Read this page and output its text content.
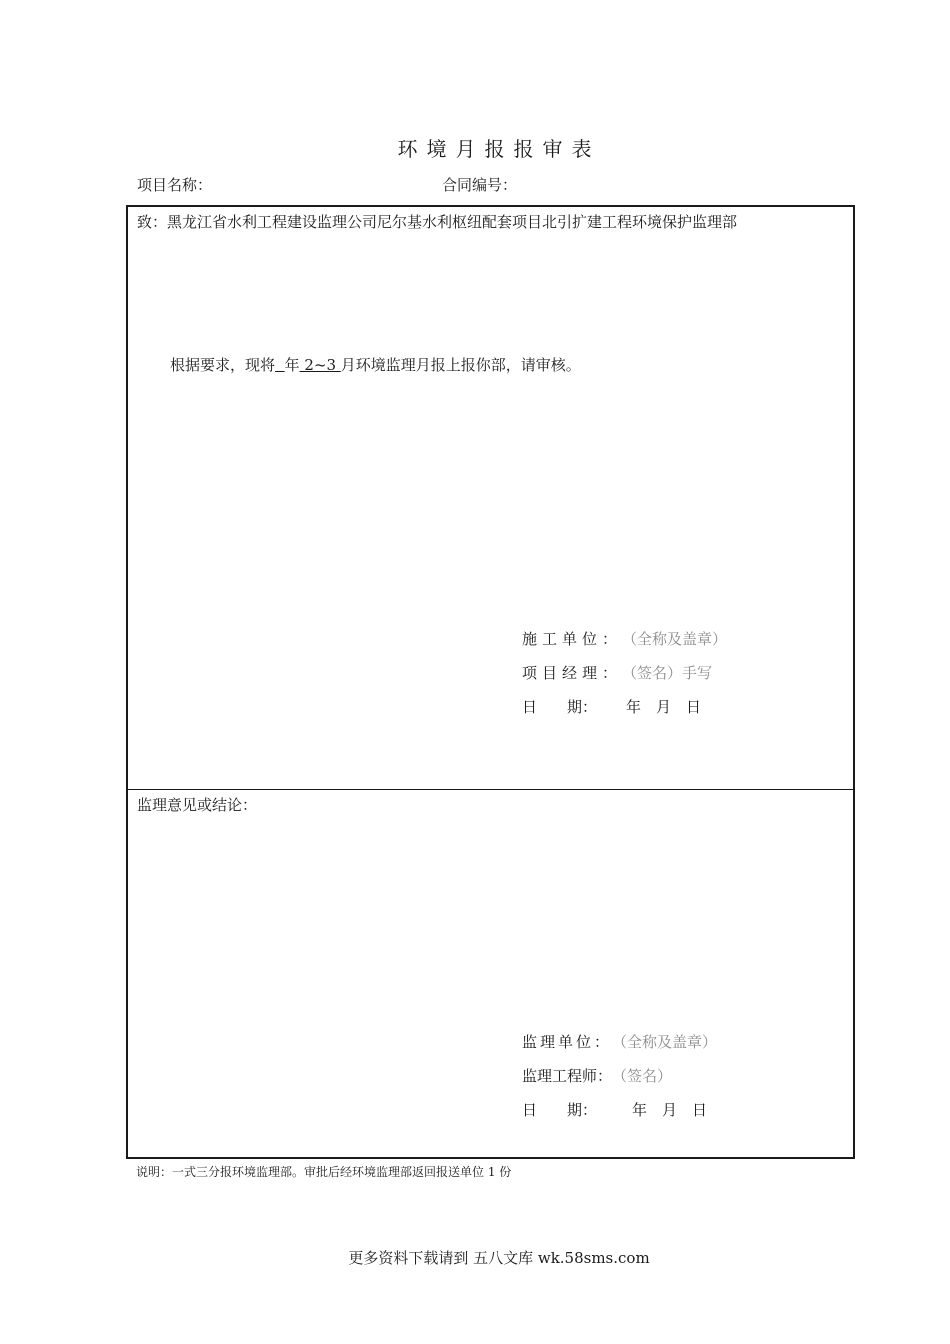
环境月报报审表
项目名称：	合同编号：
致：黑龙江省水利工程建设监理公司尼尔基水利枢纽配套项目北引扩建工程环境保护监理部
根据要求，现将 年 2~3 月环境监理月报上报你部，请审核。
施工单位：（全称及盖章）
项目经理：（签名）手写
日　　期： 年　月　日
监理意见或结论：
监理单位：（全称及盖章）
监理工程师：（签名）
日　　期： 年　月　日
说明：一式三分报环境监理部。审批后经环境监理部返回报送单位 1 份
更多资料下载请到 五八文库 wk.58sms.com
